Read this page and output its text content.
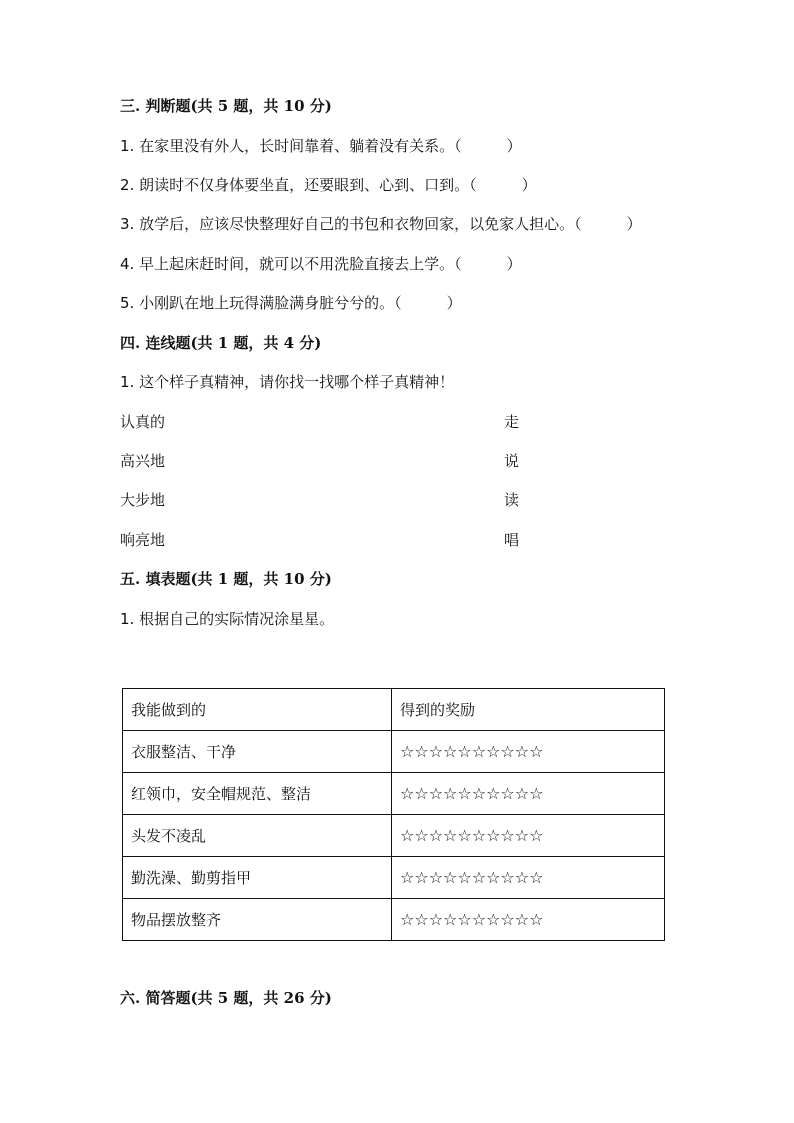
三. 判断题(共 5 题，共 10 分)
1. 在家里没有外人，长时间靠着、躺着没有关系。（　　　）
2. 朗读时不仅身体要坐直，还要眼到、心到、口到。（　　　）
3. 放学后，应该尽快整理好自己的书包和衣物回家，以免家人担心。（　　　）
4. 早上起床赶时间，就可以不用洗脸直接去上学。（　　　）
5. 小刚趴在地上玩得满脸满身脏兮兮的。（　　　）
四. 连线题(共 1 题，共 4 分)
1. 这个样子真精神，请你找一找哪个样子真精神！
认真的	走
高兴地	说
大步地	读
响亮地	唱
五. 填表题(共 1 题，共 10 分)
1. 根据自己的实际情况涂星星。
我能做到的	得到的奖励
衣服整洁、干净	☆☆☆☆☆☆☆☆☆☆
红领巾，安全帽规范、整洁	☆☆☆☆☆☆☆☆☆☆
头发不凌乱	☆☆☆☆☆☆☆☆☆☆
勤洗澡、勤剪指甲	☆☆☆☆☆☆☆☆☆☆
物品摆放整齐	☆☆☆☆☆☆☆☆☆☆
六. 简答题(共 5 题，共 26 分)
